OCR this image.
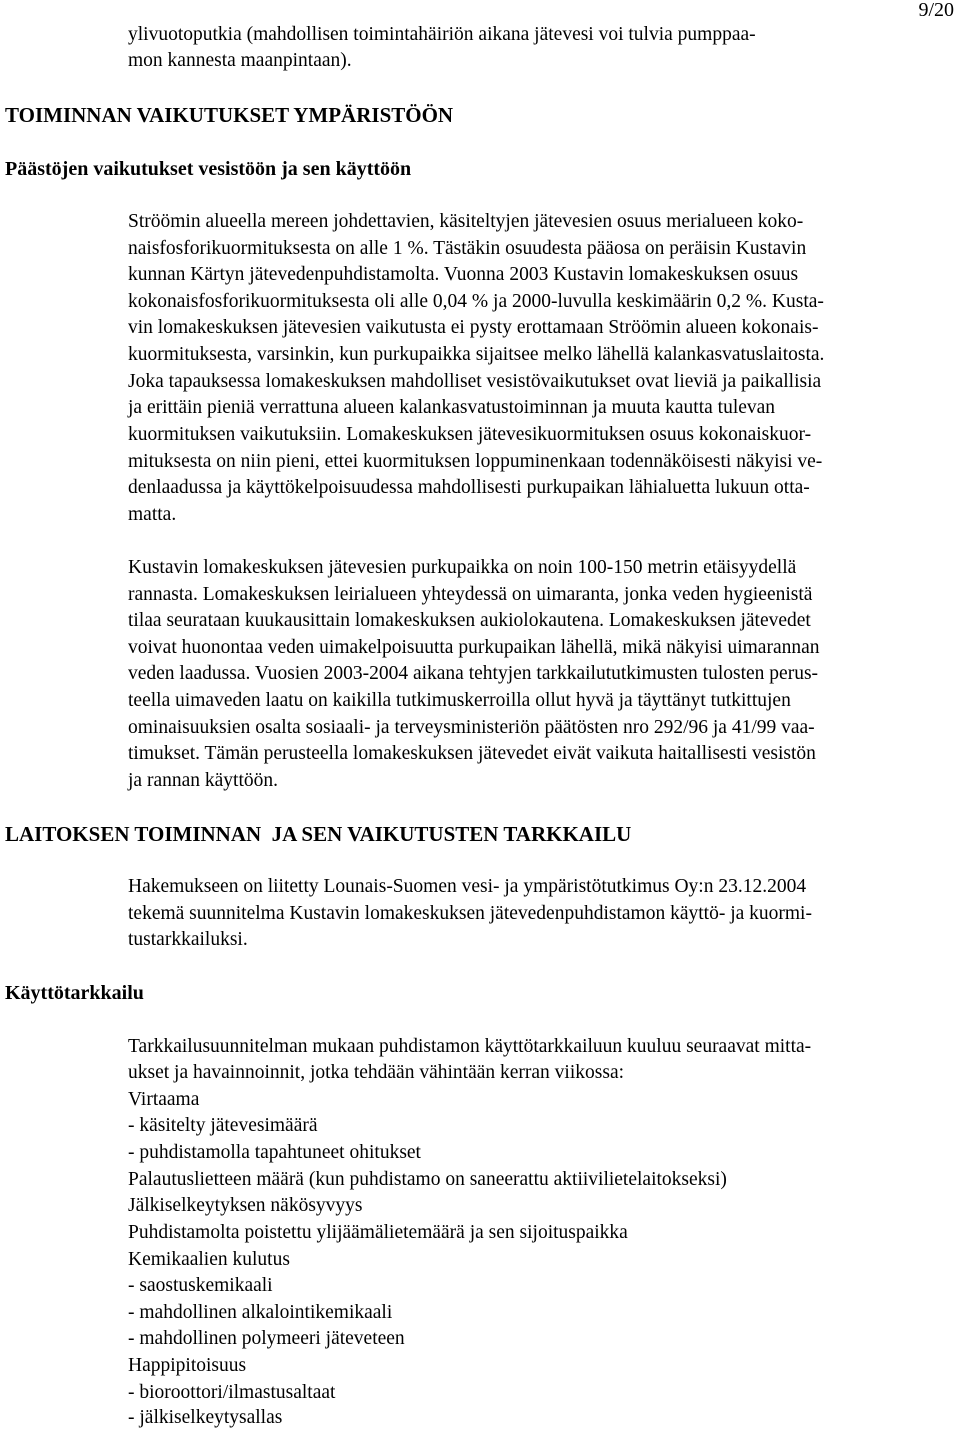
9/20
ylivuotoputkia (mahdollisen toimintahäiriön aikana jätevesi voi tulvia pumppaa-
mon kannesta maanpintaan).
TOIMINNAN VAIKUTUKSET YMPÄRISTÖÖN
Päästöjen vaikutukset vesistöön ja sen käyttöön
Ströömin alueella mereen johdettavien, käsiteltyjen jätevesien osuus merialueen koko-
naisfosforikuormituksesta on alle 1 %. Tästäkin osuudesta pääosa on peräisin Kustavin
kunnan Kärtyn jätevedenpuhdistamolta. Vuonna 2003 Kustavin lomakeskuksen osuus
kokonaisfosforikuormituksesta oli alle 0,04 % ja 2000-luvulla keskimäärin 0,2 %. Kusta-
vin lomakeskuksen jätevesien vaikutusta ei pysty erottamaan Ströömin alueen kokonais-
kuormituksesta, varsinkin, kun purkupaikka sijaitsee melko lähellä kalankasvatuslaitosta.
Joka tapauksessa lomakeskuksen mahdolliset vesistövaikutukset ovat lieviä ja paikallisia
ja erittäin pieniä verrattuna alueen kalankasvatustoiminnan ja muuta kautta tulevan
kuormituksen vaikutuksiin. Lomakeskuksen jätevesikuormituksen osuus kokonaiskuor-
mituksesta on niin pieni, ettei kuormituksen loppuminenkaan todennäköisesti näkyisi ve-
denlaadussa ja käyttökelpoisuudessa mahdollisesti purkupaikan lähialuetta lukuun otta-
matta.
Kustavin lomakeskuksen jätevesien purkupaikka on noin 100-150 metrin etäisyydellä
rannasta. Lomakeskuksen leirialueen yhteydessä on uimaranta, jonka veden hygieenistä
tilaa seurataan kuukausittain lomakeskuksen aukiolokautena. Lomakeskuksen jätevedet
voivat huonontaa veden uimakelpoisuutta purkupaikan lähellä, mikä näkyisi uimarannan
veden laadussa. Vuosien 2003-2004 aikana tehtyjen tarkkailututkimusten tulosten perus-
teella uimaveden laatu on kaikilla tutkimuskerroilla ollut hyvä ja täyttänyt tutkittujen
ominaisuuksien osalta sosiaali- ja terveysministeriön päätösten nro 292/96 ja 41/99 vaa-
timukset. Tämän perusteella lomakeskuksen jätevedet eivät vaikuta haitallisesti vesistön
ja rannan käyttöön.
LAITOKSEN TOIMINNAN  JA SEN VAIKUTUSTEN TARKKAILU
Hakemukseen on liitetty Lounais-Suomen vesi- ja ympäristötutkimus Oy:n 23.12.2004
tekemä suunnitelma Kustavin lomakeskuksen jätevedenpuhdistamon käyttö- ja kuormi-
tustarkkailuksi.
Käyttötarkkailu
Tarkkailusuunnitelman mukaan puhdistamon käyttötarkkailuun kuuluu seuraavat mitta-
ukset ja havainnoinnit, jotka tehdään vähintään kerran viikossa:
Virtaama
- käsitelty jätevesimäärä
- puhdistamolla tapahtuneet ohitukset
Palautuslietteen määrä (kun puhdistamo on saneerattu aktiivilietelaitokseksi)
Jälkiselkeytyksen näkösyvyys
Puhdistamolta poistettu ylijäämälietemäärä ja sen sijoituspaikka
Kemikaalien kulutus
- saostuskemikaali
- mahdollinen alkalointikemikaali
- mahdollinen polymeeri jäteveteen
Happipitoisuus
- bioroottori/ilmastusaltaat
- jälkiselkeytysallas
